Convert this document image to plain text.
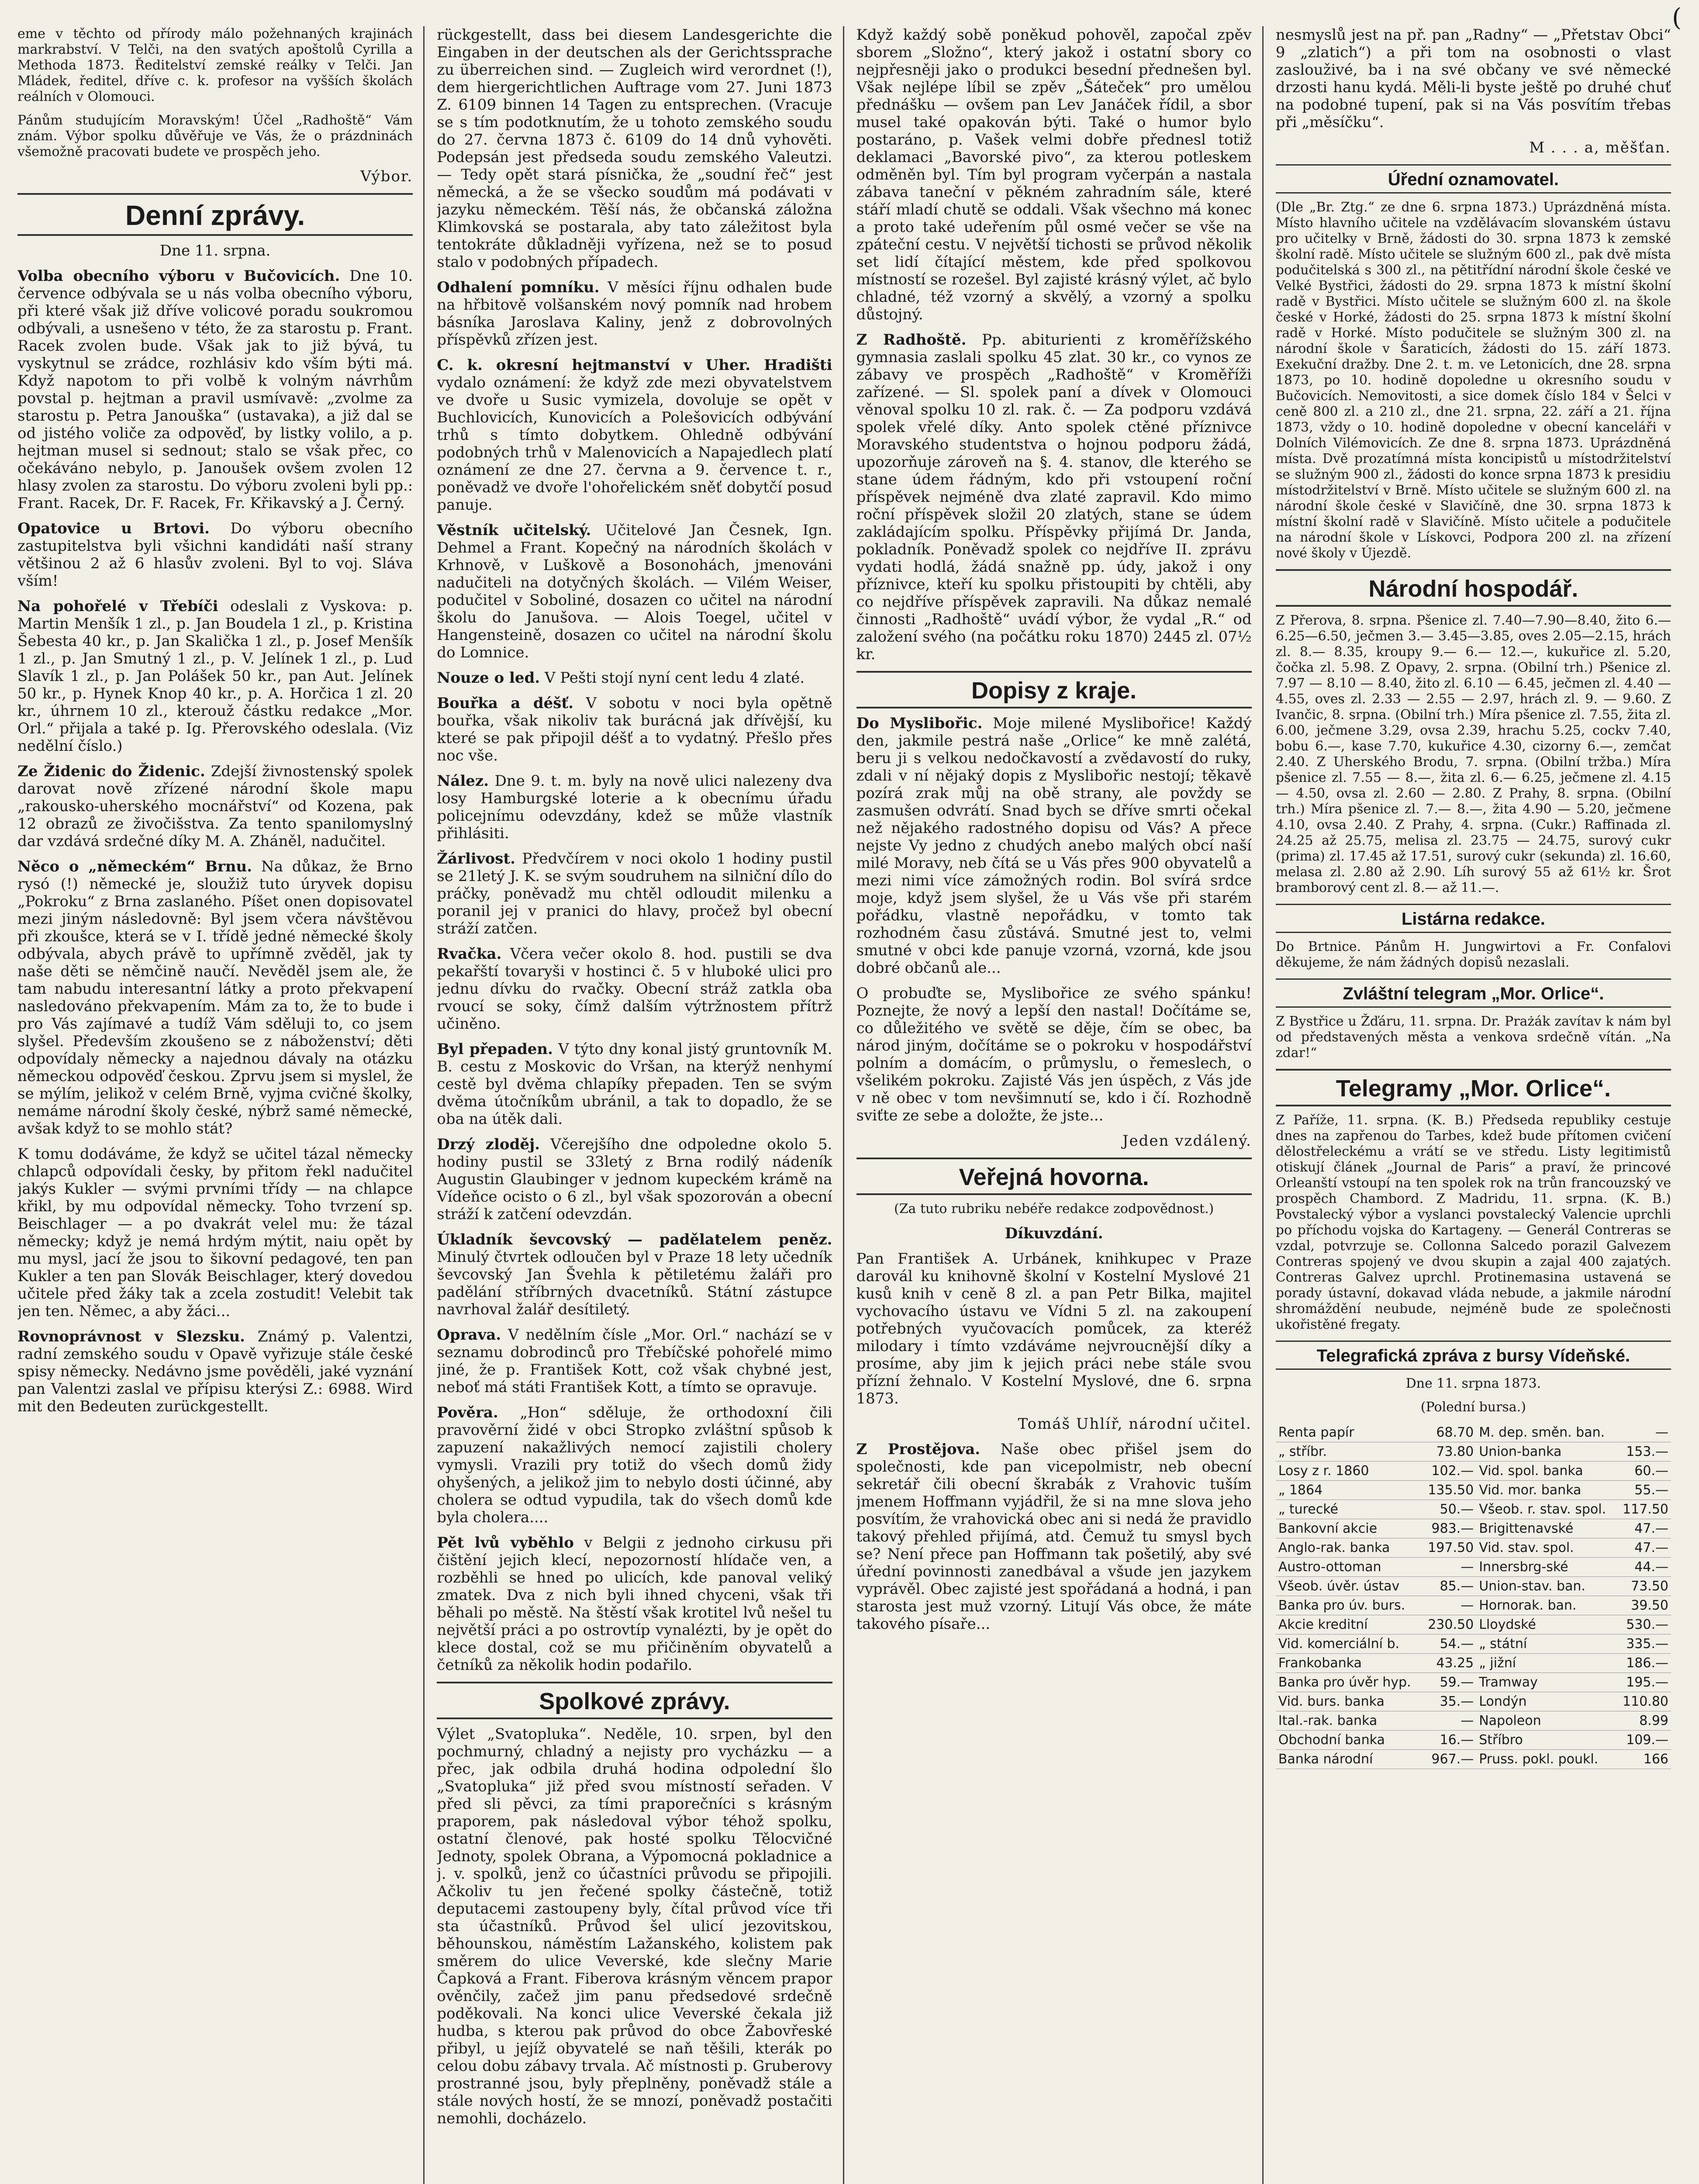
(

eme v těchto od přírody málo požehnaných krajinách markrabství. V Telči, na den svatých apoštolů Cyrilla a Methoda 1873. Ředitelství zemské reálky v Telči. Jan Mládek, ředitel, dříve c. k. profesor na vyšších školách reálních v Olomouci.

Pánům studujícím Moravským! Účel „Radhoště“ Vám znám. Výbor spolku důvěřuje ve Vás, že o prázdninách všemožně pracovati budete ve prospěch jeho.

Výbor.
Denní zprávy.
Dne 11. srpna.

Volba obecního výboru v Bučovicích. Dne 10. července odbývala se u nás volba obecního výboru, při které však již dříve volicové poradu soukromou odbývali, a usnešeno v této, že za starostu p. Frant. Racek zvolen bude. Však jak to již bývá, tu vyskytnul se zrádce, rozhlásiv kdo vším býti má. Když napotom to při volbě k volným návrhům povstal p. hejtman a pravil usmívavě: „zvolme za starostu p. Petra Janouška“ (ustavaka), a již dal se od jistého voliče za odpověď, by listky volilo, a p. hejtman musel si sednout; stalo se však přec, co očekáváno nebylo, p. Janoušek ovšem zvolen 12 hlasy zvolen za starostu. Do výboru zvoleni byli pp.: Frant. Racek, Dr. F. Racek, Fr. Křikavský a J. Černý.

Opatovice u Brtovi. Do výboru obecního zastupitelstva byli všichni kandidáti naší strany většinou 2 až 6 hlasův zvoleni. Byl to voj. Sláva vším!

Na pohořelé v Třebíči odeslali z Vyskova: p. Martin Menšík 1 zl., p. Jan Boudela 1 zl., p. Kristina Šebesta 40 kr., p. Jan Skalička 1 zl., p. Josef Menšík 1 zl., p. Jan Smutný 1 zl., p. V. Jelínek 1 zl., p. Lud Slavík 1 zl., p. Jan Polášek 50 kr., pan Aut. Jelínek 50 kr., p. Hynek Knop 40 kr., p. A. Horčica 1 zl. 20 kr., úhrnem 10 zl., kterouž částku redakce „Mor. Orl.“ přijala a také p. Ig. Přerovského odeslala. (Viz nedělní číslo.)

Ze Židenic do Židenic. Zdejší živnostenský spolek darovat nově zřízené národní škole mapu „rakousko-uherského mocnářství“ od Kozena, pak 12 obrazů ze živočišstva. Za tento spanilomyslný dar vzdává srdečné díky M. A. Zháněl, nadučitel.

Něco o „německém“ Brnu. Na důkaz, že Brno rysó (!) německé je, sloužiž tuto úryvek dopisu „Pokroku“ z Brna zaslaného. Píšet onen dopisovatel mezi jiným následovně: Byl jsem včera návštěvou při zkoušce, která se v I. třídě jedné německé školy odbývala, abych právě to upřímně zvěděl, jak ty naše děti se němčině naučí. Nevěděl jsem ale, že tam nabudu interesantní látky a proto překvapení nasledováno překvapením. Mám za to, že to bude i pro Vás zajímavé a tudíž Vám sděluji to, co jsem slyšel. Především zkoušeno se z náboženství; děti odpovídaly německy a najednou dávaly na otázku německou odpověď českou. Zprvu jsem si myslel, že se mýlím, jelikož v celém Brně, vyjma cvičné školky, nemáme národní školy české, nýbrž samé německé, avšak když to se mohlo stát?

K tomu dodáváme, že když se učitel tázal německy chlapců odpovídali česky, by přitom řekl nadučitel jakýs Kukler — svými prvními třídy — na chlapce křikl, by mu odpovídal německy. Toho tvrzení sp. Beischlager — a po dvakrát velel mu: že tázal německy; když je nemá hrdým mýtit, naiu opět by mu mysl, jací že jsou to šikovní pedagové, ten pan Kukler a ten pan Slovák Beischlager, který dovedou učitele před žáky tak a zcela zostudit! Velebit tak jen ten. Němec, a aby žáci...

Rovnoprávnost v Slezsku. Známý p. Valentzi, radní zemského soudu v Opavě vyřizuje stále české spisy německy. Nedávno jsme pověděli, jaké vyznání pan Valentzi zaslal ve přípisu kterýsi Z.: 6988. Wird mit den Bedeuten zurückgestellt.

rückgestellt, dass bei diesem Landesgerichte die Eingaben in der deutschen als der Gerichtssprache zu überreichen sind. — Zugleich wird verordnet (!), dem hiergerichtlichen Auftrage vom 27. Juni 1873 Z. 6109 binnen 14 Tagen zu entsprechen. (Vracuje se s tím podotknutím, že u tohoto zemského soudu do 27. června 1873 č. 6109 do 14 dnů vyhověti. Podepsán jest předseda soudu zemského Valeutzi. — Tedy opět stará písnička, že „soudní řeč“ jest německá, a že se všecko soudům má podávati v jazyku německém. Těší nás, že občanská záložna Klimkovská se postarala, aby tato záležitost byla tentokráte důkladněji vyřízena, než se to posud stalo v podobných případech.

Odhalení pomníku. V měsíci říjnu odhalen bude na hřbitově volšanském nový pomník nad hrobem básníka Jaroslava Kaliny, jenž z dobrovolných příspěvků zřízen jest.

C. k. okresní hejtmanství v Uher. Hradišti vydalo oznámení: že když zde mezi obyvatelstvem ve dvoře u Susic vymizela, dovoluje se opět v Buchlovicích, Kunovicích a Polešovicích odbývání trhů s tímto dobytkem. Ohledně odbývání podobných trhů v Malenovicích a Napajedlech platí oznámení ze dne 27. června a 9. července t. r., poněvadž ve dvoře l'ohořelickém sněť dobytčí posud panuje.

Věstník učitelský. Učitelové Jan Česnek, Ign. Dehmel a Frant. Kopečný na národních školách v Krhnově, v Luškově a Bosonohách, jmenováni nadučiteli na dotyčných školách. — Vilém Weiser, podučitel v Soboliné, dosazen co učitel na národní školu do Janušova. — Alois Toegel, učitel v Hangensteině, dosazen co učitel na národní školu do Lomnice.

Nouze o led. V Pešti stojí nyní cent ledu 4 zlaté.

Bouřka a déšť. V sobotu v noci byla opětně bouřka, však nikoliv tak burácná jak dřívější, ku které se pak připojil déšť a to vydatný. Přešlo přes noc vše.

Nález. Dne 9. t. m. byly na nově ulici nalezeny dva losy Hamburgské loterie a k obecnímu úřadu policejnímu odevzdány, kdež se může vlastník přihlásiti.

Žárlivost. Předvčírem v noci okolo 1 hodiny pustil se 21letý J. K. se svým soudruhem na silniční dílo do práčky, poněvadž mu chtěl odloudit milenku a poranil jej v pranici do hlavy, pročež byl obecní stráží zatčen.

Rvačka. Včera večer okolo 8. hod. pustili se dva pekařští tovaryši v hostinci č. 5 v hluboké ulici pro jednu dívku do rvačky. Obecní stráž zatkla oba rvoucí se soky, čímž dalším výtržnostem přítrž učiněno.

Byl přepaden. V týto dny konal jistý gruntovník M. B. cestu z Moskovic do Vršan, na kterýž nenhymí cestě byl dvěma chlapíky přepaden. Ten se svým dvěma útočníkům ubránil, a tak to dopadlo, že se oba na útěk dali.

Drzý zloděj. Včerejšího dne odpoledne okolo 5. hodiny pustil se 33letý z Brna rodilý nádeník Augustin Glaubinger v jednom kupeckém krámě na Vídeňce ocisto o 6 zl., byl však spozorován a obecní stráží k zatčení odevzdán.

Úkladník ševcovský — padělatelem peněz. Minulý čtvrtek odloučen byl v Praze 18 lety učedník ševcovský Jan Švehla k pětiletému žaláři pro padělání stříbrných dvacetníků. Státní zástupce navrhoval žalář desítiletý.

Oprava. V nedělním čísle „Mor. Orl.“ nachází se v seznamu dobrodinců pro Třebíčské pohořelé mimo jiné, že p. František Kott, což však chybné jest, neboť má státi František Kott, a tímto se opravuje.

Pověra. „Hon“ sděluje, že orthodoxní čili pravověrní židé v obci Stropko zvláštní spůsob k zapuzení nakažlivých nemocí zajistili cholery vymysli. Vrazili pry totiž do všech domů židy ohyšených, a jelikož jim to nebylo dosti účinné, aby cholera se odtud vypudila, tak do všech domů kde byla cholera....

Pět lvů vyběhlo v Belgii z jednoho cirkusu při čištění jejich klecí, nepozorností hlídače ven, a rozběhli se hned po ulicích, kde panoval veliký zmatek. Dva z nich byli ihned chyceni, však tři běhali po městě. Na štěstí však krotitel lvů nešel tu největší práci a po ostrovtíp vynalézti, by je opět do klece dostal, což se mu přičiněním obyvatelů a četníků za několik hodin podařilo.

Spolkové zprávy.

Výlet „Svatopluka“. Neděle, 10. srpen, byl den pochmurný, chladný a nejisty pro vycházku — a přec, jak odbila druhá hodina odpolední šlo „Svatopluka“ již před svou místností seřaden. V před sli pěvci, za tími praporečníci s krásným praporem, pak následoval výbor téhož spolku, ostatní členové, pak hosté spolku Tělocvičné Jednoty, spolek Obrana, a Výpomocná pokladnice a j. v. spolků, jenž co účastníci průvodu se připojili. Ačkoliv tu jen řečené spolky částečně, totiž deputacemi zastoupeny byly, čítal průvod více tři sta účastníků. Průvod šel ulicí jezovitskou, běhounskou, náměstím Lažanského, kolistem pak směrem do ulice Veverské, kde slečny Marie Čapková a Frant. Fiberova krásným věncem prapor ověnčily, začež jim panu předsedové srdečně poděkovali. Na konci ulice Veverské čekala již hudba, s kterou pak průvod do obce Žabovřeské přibyl, u jejíž obyvatelé se naň těšili, kterák po celou dobu zábavy trvala. Ač místnosti p. Gruberovy prostranné jsou, byly přeplněny, poněvadž stále a stále nových hostí, že se mnozí, poněvadž postačiti nemohli, docházelo.

Když každý sobě poněkud pohověl, započal zpěv sborem „Složno“, který jakož i ostatní sbory co nejpřesněji jako o produkci besední přednešen byl. Však nejlépe líbil se zpěv „Šáteček“ pro umělou přednášku — ovšem pan Lev Janáček řídil, a sbor musel také opakován býti. Také o humor bylo postaráno, p. Vašek velmi dobře přednesl totiž deklamaci „Bavorské pivo“, za kterou potleskem odměněn byl. Tím byl program vyčerpán a nastala zábava taneční v pěkném zahradním sále, které stáří mladí chutě se oddali. Však všechno má konec a proto také udeřením půl osmé večer se vše na zpáteční cestu. V největší tichosti se průvod několik set lidí čítající městem, kde před spolkovou místností se rozešel. Byl zajisté krásný výlet, ač bylo chladné, též vzorný a skvělý, a vzorný a spolku důstojný.

Z Radhoště. Pp. abiturienti z kroměřížského gymnasia zaslali spolku 45 zlat. 30 kr., co vynos ze zábavy ve prospěch „Radhoště“ v Kroměříži zařízené. — Sl. spolek paní a dívek v Olomouci věnoval spolku 10 zl. rak. č. — Za podporu vzdává spolek vřelé díky. Anto spolek ctěné příznivce Moravského studentstva o hojnou podporu žádá, upozorňuje zároveň na §. 4. stanov, dle kterého se stane údem řádným, kdo při vstoupení roční příspěvek nejméně dva zlaté zapravil. Kdo mimo roční příspěvek složil 20 zlatých, stane se údem zakládajícím spolku. Příspěvky přijímá Dr. Janda, pokladník. Poněvadž spolek co nejdříve II. zprávu vydati hodlá, žádá snažně pp. údy, jakož i ony příznivce, kteří ku spolku přistoupiti by chtěli, aby co nejdříve příspěvek zapravili. Na důkaz nemalé činnosti „Radhoště“ uvádí výbor, že vydal „R.“ od založení svého (na počátku roku 1870) 2445 zl. 07½ kr.

Dopisy z kraje.

Do Myslibořic. Moje milené Myslibořice! Každý den, jakmile pestrá naše „Orlice“ ke mně zalétá, beru ji s velkou nedočkavostí a zvědavostí do ruky, zdali v ní nějaký dopis z Myslibořic nestojí; těkavě pozírá zrak můj na obě strany, ale povždy se zasmušen odvrátí. Snad bych se dříve smrti očekal než nějakého radostného dopisu od Vás? A přece nejste Vy jedno z chudých anebo malých obcí naší milé Moravy, neb čítá se u Vás přes 900 obyvatelů a mezi nimi více zámožných rodin. Bol svírá srdce moje, když jsem slyšel, že u Vás vše při starém pořádku, vlastně nepořádku, v tomto tak rozhodném času zůstává. Smutné jest to, velmi smutné v obci kde panuje vzorná, vzorná, kde jsou dobré občanů ale...

O probuďte se, Myslibořice ze svého spánku! Poznejte, že nový a lepší den nastal! Dočítáme se, co důležitého ve světě se děje, čím se obec, ba národ jiným, dočítáme se o pokroku v hospodářství polním a domácím, o průmyslu, o řemeslech, o všelikém pokroku. Zajisté Vás jen úspěch, z Vás jde v ně obec v tom nevšimnutí se, kdo i čí. Rozhodně sviťte ze sebe a doložte, že jste...

Jeden vzdálený.
Veřejná hovorna.
(Za tuto rubriku nebéře redakce zodpovědnost.)
Díkuvzdání.

Pan František A. Urbánek, knihkupec v Praze darovál ku knihovně školní v Kostelní Myslové 21 kusů knih v ceně 8 zl. a pan Petr Bilka, majitel vychovacího ústavu ve Vídni 5 zl. na zakoupení potřebných vyučovacích pomůcek, za kteréž milodary i tímto vzdáváme nejvroucnější díky a prosíme, aby jim k jejich práci nebe stále svou přízní žehnalo. V Kostelní Myslové, dne 6. srpna 1873.

Tomáš Uhlíř, národní učitel.

Z Prostějova. Naše obec přišel jsem do společnosti, kde pan vicepolmistr, neb obecní sekretář čili obecní škrabák z Vrahovic tuším jmenem Hoffmann vyjádřil, že si na mne slova jeho posvítím, že vrahovická obec ani si nedá že pravidlo takový přehled přijímá, atd. Čemuž tu smysl bych se? Není přece pan Hoffmann tak pošetilý, aby své úřední povinnosti zanedbával a všude jen jazykem vyprávěl. Obec zajisté jest spořádaná a hodná, i pan starosta jest muž vzorný. Litují Vás obce, že máte takového písaře...

nesmyslů jest na př. pan „Radny“ — „Přetstav Obci“ 9 „zlatich“) a při tom na osobnosti o vlast zaslouživé, ba i na své občany ve své německé drzosti hanu kydá. Měli-li byste ještě po druhé chuť na podobné tupení, pak si na Vás posvítím třebas při „měsíčku“.

M . . . a, měšťan.
Úřední oznamovatel.

(Dle „Br. Ztg.“ ze dne 6. srpna 1873.) Uprázdněná místa. Místo hlavního učitele na vzdělávacím slovanském ústavu pro učitelky v Brně, žádosti do 30. srpna 1873 k zemské školní radě. Místo učitele se služným 600 zl., pak dvě místa podučitelská s 300 zl., na pětitřídní národní škole české ve Velké Bystřici, žádosti do 29. srpna 1873 k místní školní radě v Bystřici. Místo učitele se služným 600 zl. na škole české v Horké, žádosti do 25. srpna 1873 k místní školní radě v Horké. Místo podučitele se služným 300 zl. na národní škole v Šaraticích, žádosti do 15. září 1873. Exekuční dražby. Dne 2. t. m. ve Letonicích, dne 28. srpna 1873, po 10. hodině dopoledne u okresního soudu v Bučovicích. Nemovitosti, a sice domek číslo 184 v Šelci v ceně 800 zl. a 210 zl., dne 21. srpna, 22. září a 21. října 1873, vždy o 10. hodině dopoledne v obecní kanceláři v Dolních Vilémovicích. Ze dne 8. srpna 1873. Uprázdněná místa. Dvě prozatímná místa koncipistů u místodržitelství se služným 900 zl., žádosti do konce srpna 1873 k presidiu místodržitelství v Brně. Místo učitele se služným 600 zl. na národní škole české v Slavičíně, dne 30. srpna 1873 k místní školní radě v Slavičíně. Místo učitele a podučitele na národní škole v Lískovci, Podpora 200 zl. na zřízení nové školy v Újezdě.

Národní hospodář.

Z Přerova, 8. srpna. Pšenice zl. 7.40—7.90—8.40, žito 6.—6.25—6.50, ječmen 3.— 3.45—3.85, oves 2.05—2.15, hrách zl. 8.— 8.35, kroupy 9.— 6.— 12.—, kukuřice zl. 5.20, čočka zl. 5.98. Z Opavy, 2. srpna. (Obilní trh.) Pšenice zl. 7.97 — 8.10 — 8.40, žito zl. 6.10 — 6.45, ječmen zl. 4.40 — 4.55, oves zl. 2.33 — 2.55 — 2.97, hrách zl. 9. — 9.60. Z Ivančic, 8. srpna. (Obilní trh.) Míra pšenice zl. 7.55, žita zl. 6.00, ječmene 3.29, ovsa 2.39, hrachu 5.25, cockv 7.40, bobu 6.—, kase 7.70, kukuřice 4.30, cizorny 6.—, zemčat 2.40. Z Uherského Brodu, 7. srpna. (Obilní tržba.) Míra pšenice zl. 7.55 — 8.—, žita zl. 6.— 6.25, ječmene zl. 4.15 — 4.50, ovsa zl. 2.60 — 2.80. Z Prahy, 8. srpna. (Obilní trh.) Míra pšenice zl. 7.— 8.—, žita 4.90 — 5.20, ječmene 4.10, ovsa 2.40. Z Prahy, 4. srpna. (Cukr.) Raffinada zl. 24.25 až 25.75, melisa zl. 23.75 — 24.75, surový cukr (prima) zl. 17.45 až 17.51, surový cukr (sekunda) zl. 16.60, melasa zl. 2.80 až 2.90. Líh surový 55 až 61½ kr. Šrot bramborový cent zl. 8.— až 11.—.

Listárna redakce.

Do Brtnice. Pánům H. Jungwirtovi a Fr. Confalovi děkujeme, že nám žádných dopisů nezaslali.

Zvláštní telegram „Mor. Orlice“.

Z Bystřice u Žďáru, 11. srpna. Dr. Prażák zavítav k nám byl od představených města a venkova srdečně vítán. „Na zdar!“

Telegramy „Mor. Orlice“.

Z Paříže, 11. srpna. (K. B.) Předseda republiky cestuje dnes na zapřenou do Tarbes, kdež bude přítomen cvičení dělostřeleckému a vrátí se ve středu. Listy legitimistů otiskují článek „Journal de Paris“ a praví, že princové Orleanští vstoupí na ten spolek rok na trůn francouzský ve prospěch Chambord. Z Madridu, 11. srpna. (K. B.) Povstalecký výbor a vyslanci povstalecký Valencie uprchli po příchodu vojska do Kartageny. — Generál Contreras se vzdal, potvrzuje se. Collonna Salcedo porazil Galvezem Contreras spojený ve dvou skupin a zajal 400 zajatých. Contreras Galvez uprchl. Protinemasina ustavená se porady ústavní, dokavad vláda nebude, a jakmile národní shromáždění neubude, nejméně bude ze společnosti ukořistěné fregaty.

Telegrafická zpráva z bursy Vídeňské.
Dne 11. srpna 1873.
(Polední bursa.)
Renta papír	68.70	M. dep. směn. ban.	—
„ stříbr.	73.80	Union-banka	153.—
Losy z r. 1860	102.—	Vid. spol. banka	60.—
„ 1864	135.50	Vid. mor. banka	55.—
„ turecké	50.—	Všeob. r. stav. spol.	117.50
Bankovní akcie	983.—	Brigittenavské	47.—
Anglo-rak. banka	197.50	Vid. stav. spol.	47.—
Austro-ottoman	—	Innersbrg-ské	44.—
Všeob. úvěr. ústav	85.—	Union-stav. ban.	73.50
Banka pro úv. burs.	—	Hornorak. ban.	39.50
Akcie kreditní	230.50	Lloydské	530.—
Vid. komerciální b.	54.—	„ státní	335.—
Frankobanka	43.25	„ jižní	186.—
Banka pro úvěr hyp.	59.—	Tramway	195.—
Vid. burs. banka	35.—	Londýn	110.80
Ital.-rak. banka	—	Napoleon	8.99
Obchodní banka	16.—	Stříbro	109.—
Banka národní	967.—	Pruss. pokl. poukl.	166
